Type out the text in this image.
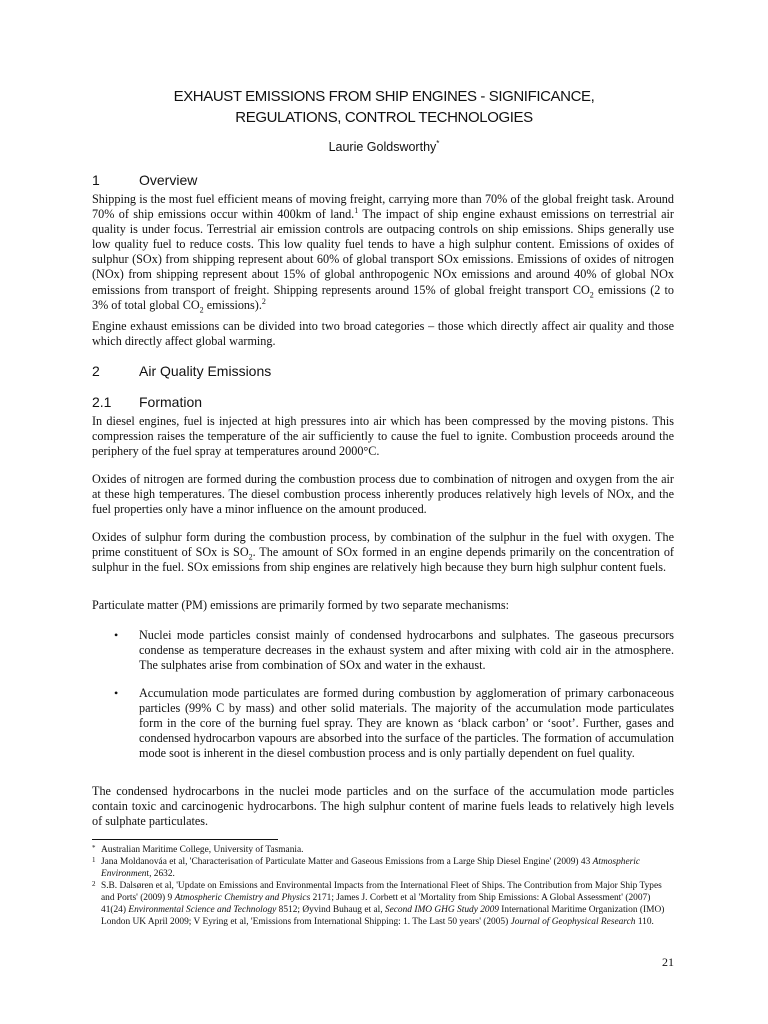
EXHAUST EMISSIONS FROM SHIP ENGINES - SIGNIFICANCE,
REGULATIONS, CONTROL TECHNOLOGIES
Laurie Goldsworthy*
1	Overview

Shipping is the most fuel efficient means of moving freight, carrying more than 70% of the global freight task. Around 70% of ship emissions occur within 400km of land.$^1$ The impact of ship engine exhaust emissions on terrestrial air quality is under focus. Terrestrial air emission controls are outpacing controls on ship emissions. Ships generally use low quality fuel to reduce costs. This low quality fuel tends to have a high sulphur content. Emissions of oxides of sulphur (SOx) from shipping represent about 60% of global transport SOx emissions. Emissions of oxides of nitrogen (NOx) from shipping represent about 15% of global anthropogenic NOx emissions and around 40% of global NOx emissions from transport of freight. Shipping represents around 15% of global freight transport $CO_2$ emissions (2 to 3% of total global $CO_2$ emissions).$^2$

Engine exhaust emissions can be divided into two broad categories – those which directly affect air quality and those which directly affect global warming.

2	Air Quality Emissions
2.1 Formation

In diesel engines, fuel is injected at high pressures into air which has been compressed by the moving pistons. This compression raises the temperature of the air sufficiently to cause the fuel to ignite. Combustion proceeds around the periphery of the fuel spray at temperatures around 2000°C.

Oxides of nitrogen are formed during the combustion process due to combination of nitrogen and oxygen from the air at these high temperatures. The diesel combustion process inherently produces relatively high levels of NOx, and the fuel properties only have a minor influence on the amount produced.

Oxides of sulphur form during the combustion process, by combination of the sulphur in the fuel with oxygen. The prime constituent of SOx is $SO_2$. The amount of SOx formed in an engine depends primarily on the concentration of sulphur in the fuel. SOx emissions from ship engines are relatively high because they burn high sulphur content fuels.

Particulate matter (PM) emissions are primarily formed by two separate mechanisms:

• Nuclei mode particles consist mainly of condensed hydrocarbons and sulphates. The gaseous precursors condense as temperature decreases in the exhaust system and after mixing with cold air in the atmosphere. The sulphates arise from combination of SOx and water in the exhaust.

• Accumulation mode particulates are formed during combustion by agglomeration of primary carbonaceous particles (99% C by mass) and other solid materials. The majority of the accumulation mode particulates form in the core of the burning fuel spray. They are known as ‘black carbon’ or ‘soot’. Further, gases and condensed hydrocarbon vapours are absorbed into the surface of the particles. The formation of accumulation mode soot is inherent in the diesel combustion process and is only partially dependent on fuel quality.

The condensed hydrocarbons in the nuclei mode particles and on the surface of the accumulation mode particles contain toxic and carcinogenic hydrocarbons. The high sulphur content of marine fuels leads to relatively high levels of sulphate particulates.

* Australian Maritime College, University of Tasmania.
1 Jana Moldanováa et al, 'Characterisation of Particulate Matter and Gaseous Emissions from a Large Ship Diesel Engine' (2009) 43 Atmospheric Environment, 2632.
2 S.B. Dalsøren et al, 'Update on Emissions and Environmental Impacts from the International Fleet of Ships. The Contribution from Major Ship Types and Ports' (2009) 9 Atmospheric Chemistry and Physics 2171; James J. Corbett et al 'Mortality from Ship Emissions: A Global Assessment' (2007) 41(24) Environmental Science and Technology 8512; Øyvind Buhaug et al, Second IMO GHG Study 2009 International Maritime Organization (IMO) London UK April 2009; V Eyring et al, 'Emissions from International Shipping: 1. The Last 50 years' (2005) Journal of Geophysical Research 110.
21
